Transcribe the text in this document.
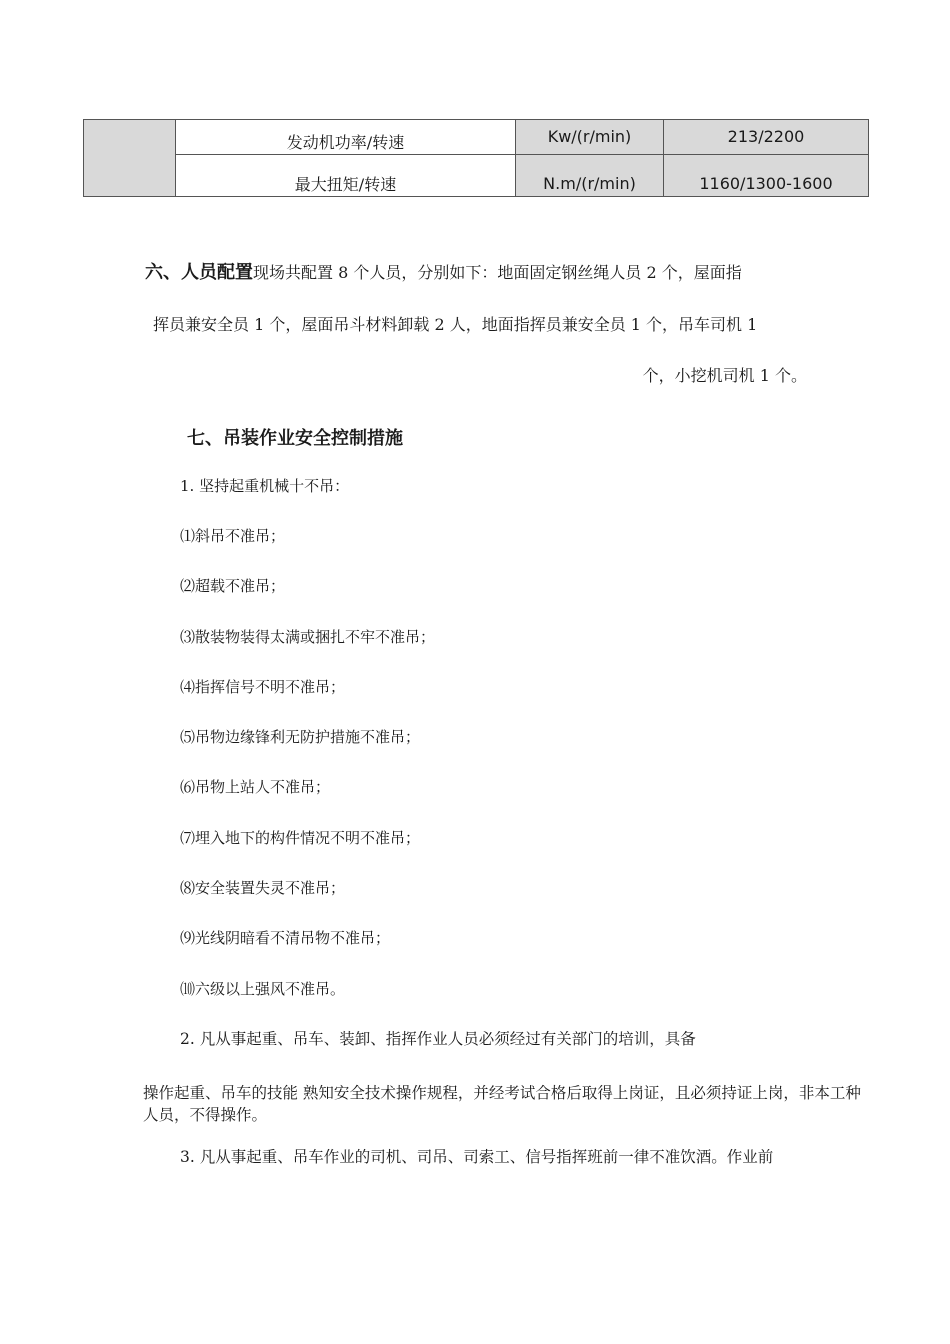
	发动机功率/转速	Kw/(r/min)	213/2200
	最大扭矩/转速	N.m/(r/min)	1160/1300-1600
六、人员配置现场共配置 8 个人员，分别如下：地面固定钢丝绳人员 2 个，屋面指
挥员兼安全员 1 个，屋面吊斗材料卸载 2 人，地面指挥员兼安全员 1 个，吊车司机 1
个，小挖机司机 1 个。
七、吊装作业安全控制措施
1. 坚持起重机械十不吊：
⑴斜吊不准吊；
⑵超载不准吊；
⑶散装物装得太满或捆扎不牢不准吊；
⑷指挥信号不明不准吊；
⑸吊物边缘锋利无防护措施不准吊；
⑹吊物上站人不准吊；
⑺埋入地下的构件情况不明不准吊；
⑻安全装置失灵不准吊；
⑼光线阴暗看不清吊物不准吊；
⑽六级以上强风不准吊。
2. 凡从事起重、吊车、装卸、指挥作业人员必须经过有关部门的培训，具备
操作起重、吊车的技能 熟知安全技术操作规程，并经考试合格后取得上岗证，且必须持证上岗，非本工种人员，不得操作。
3. 凡从事起重、吊车作业的司机、司吊、司索工、信号指挥班前一律不准饮酒。作业前
